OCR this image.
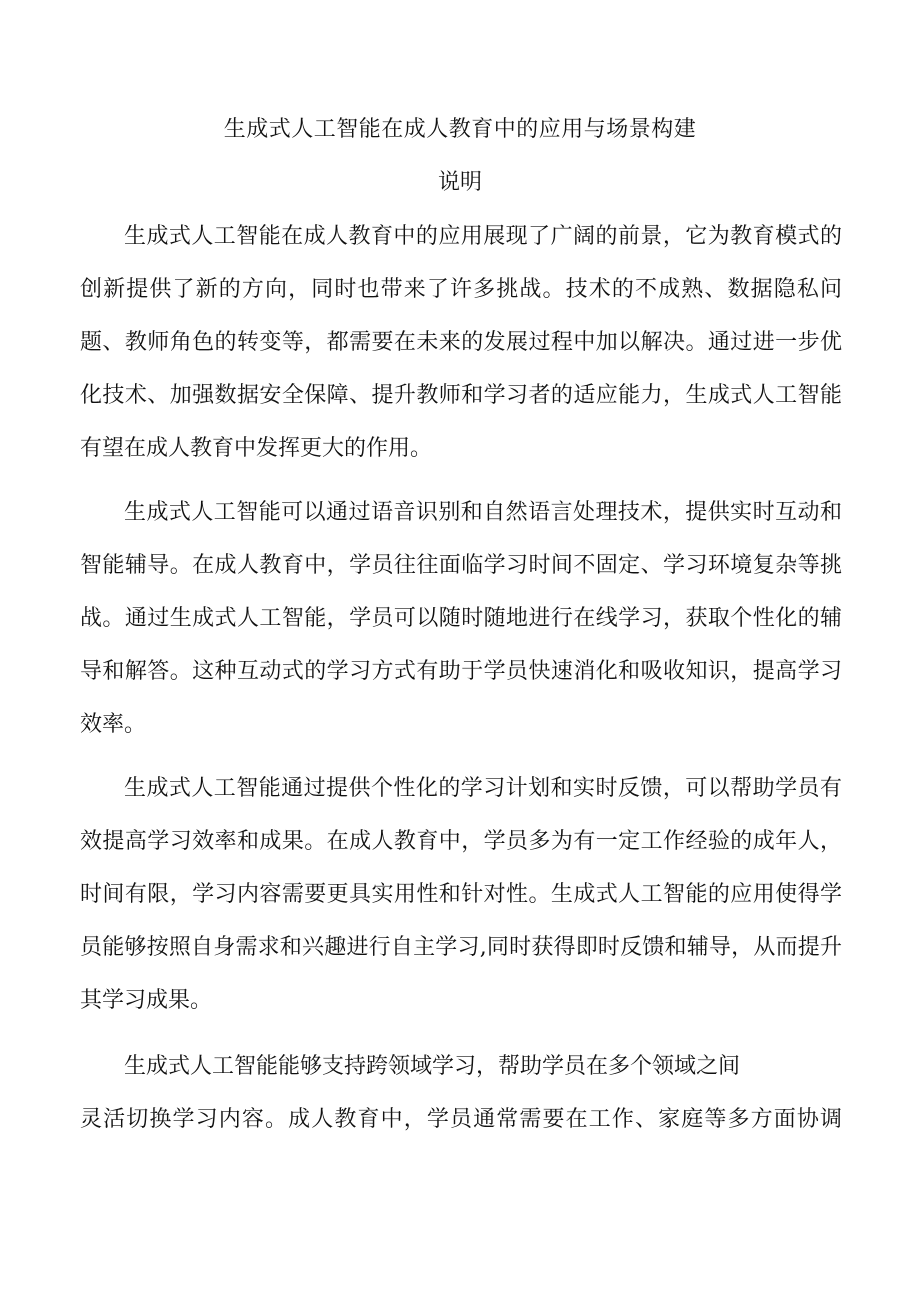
生成式人工智能在成人教育中的应用与场景构建
说明

生成式人工智能在成人教育中的应用展现了广阔的前景，它为教育模式的创新提供了新的方向，同时也带来了许多挑战。技术的不成熟、数据隐私问题、教师角色的转变等，都需要在未来的发展过程中加以解决。通过进一步优化技术、加强数据安全保障、提升教师和学习者的适应能力，生成式人工智能有望在成人教育中发挥更大的作用。

生成式人工智能可以通过语音识别和自然语言处理技术，提供实时互动和智能辅导。在成人教育中，学员往往面临学习时间不固定、学习环境复杂等挑战。通过生成式人工智能，学员可以随时随地进行在线学习，获取个性化的辅导和解答。这种互动式的学习方式有助于学员快速消化和吸收知识，提高学习效率。

生成式人工智能通过提供个性化的学习计划和实时反馈，可以帮助学员有效提高学习效率和成果。在成人教育中，学员多为有一定工作经验的成年人，时间有限，学习内容需要更具实用性和针对性。生成式人工智能的应用使得学员能够按照自身需求和兴趣进行自主学习,同时获得即时反馈和辅导，从而提升其学习成果。

生成式人工智能能够支持跨领域学习，帮助学员在多个领域之间

灵活切换学习内容。成人教育中，学员通常需要在工作、家庭等多方面协调
